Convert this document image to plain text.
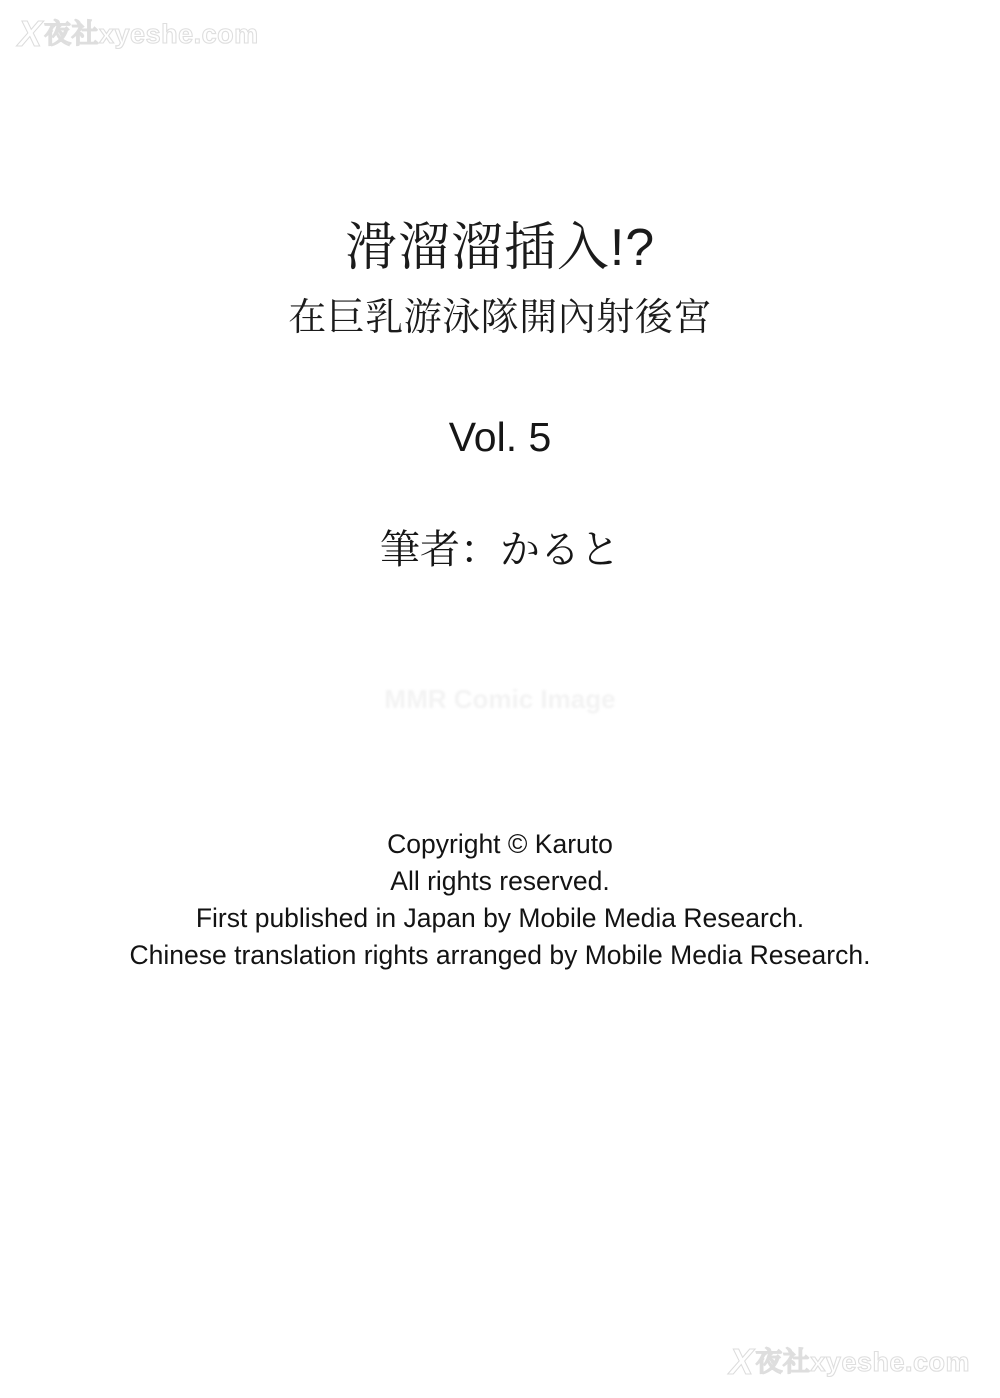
X 夜社xyeshe.com
滑溜溜插入!?
在巨乳游泳隊開內射後宮
Vol. 5
筆者：かると
MMR Comic Image
Copyright © Karuto
All rights reserved.
First published in Japan by Mobile Media Research.
Chinese translation rights arranged by Mobile Media Research.
X 夜社xyeshe.com
